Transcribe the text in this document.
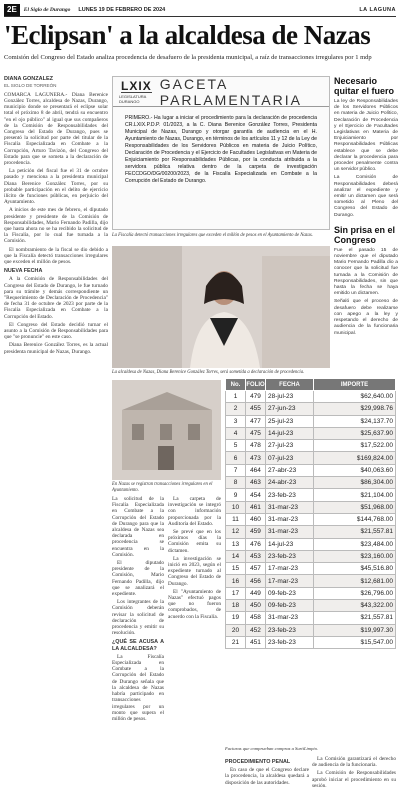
2E	El Siglo de Durango LUNES 19 DE FEBRERO DE 2024	LA LAGUNA
'Eclipsan' a la alcaldesa de Nazas
Comisión del Congreso del Estado analiza procedencia de desafuero de la presidenta municipal, a raíz de transacciones irregulares por 1 mdp
DIANA GONZÁLEZ
EL SIGLO DE TORREÓN

COMARCA LAGUNERA.- Diana Berenice González Torres, alcaldesa de Nazas, Durango, municipio donde se presentará el eclipse solar total el próximo 8 de abril, tendrá su encuentro "en el ojo público" al igual que sus compañeros de la Comisión de Responsabilidades del Congreso del Estado de Durango, pues se presentó la solicitud por parte del titular de la Fiscalía Especializada en Combate a la Corrupción, Arturo Tavizón, del Congreso del Estado para que se someta a la declaración de procedencia.

La petición del fiscal fue el 31 de octubre pasado y menciona a la presidenta municipal Diana Berenice González Torres, por su probable participación en el delito de ejercicio ilícito de funciones públicas, en perjuicio del Ayuntamiento.

A inicios de este mes de febrero, el diputado presidente y presidente de la Comisión de Responsabilidades, Mario Fernando Padilla, dijo que hasta ahora no se ha recibido la solicitud de la Fiscalía, por lo cual fue turnada a la Comisión.

El nombramiento de la fiscal se dio debido a que la Fiscalía detectó transacciones irregulares que exceden el millón de pesos.

NUEVA FECHA

A la Comisión de Responsabilidades del Congreso del Estado de Durango, le fue turnado para su trámite y demás correspondiente un "Requerimiento de Declaración de Procedencia" de fecha 31 de octubre de 2023 por parte de la Fiscalía Especializada en Combate a la Corrupción del Estado.

El Congreso del Estado decidió turnar el asunto a la Comisión de Responsabilidades para que "se pronuncie" en este caso.

Diana Berenice González Torres, es la actual presidenta municipal de Nazas, Durango.

LXIX
LEGISLATURA DURANGO
GACETA PARLAMENTARIA
PRIMERO.- Ha lugar a iniciar el procedimiento para la declaración de procedencia CR.LXIX.P.D.P. 01/2023, a la C. Diana Berenice González Torres, Presidenta Municipal de Nazas, Durango y otorgar garantía de audiencia en el H. Ayuntamiento de Nazas, Durango, en términos de los artículos 11 y 12 de la Ley de Responsabilidades de los Servidores Públicos en materia de Juicio Político, Declaración de Procedencia y el Ejercicio de Facultades Legislativas en Materia de Enjuiciamiento por Responsabilidades Públicas, por la conducta atribuida a la servidora pública relativa dentro de la carpeta de investigación FECCDGO/DG/00200/2023, de la Fiscalía Especializada en Combate a la Corrupción del Estado de Durango.
La Fiscalía detectó transacciones irregulares que exceden el millón de pesos en el Ayuntamiento de Nazas.
La alcaldesa de Nazas, Diana Berenice González Torres, será sometida a declaración de procedencia.
Necesario quitar el fuero

La ley de Responsabilidades de los Servidores Públicos en materia de Juicio Político, Declaración de Procedencia y el Ejercicio de Facultades Legislativas en Materia de Enjuiciamiento por Responsabilidades Públicas establece que se debe declarar la procedencia para proceder penalmente contra un servidor público.

La Comisión de Responsabilidades deberá analizar el expediente y emitir un dictamen que será sometido al Pleno del Congreso del Estado de Durango.

Sin prisa en el Congreso

Fue el pasado 15 de noviembre que el diputado Mario Fernando Padilla dio a conocer que la solicitud fue turnada a la Comisión de Responsabilidades, sin que hasta la fecha se haya emitido un dictamen.

Señaló que el proceso de desafuero debe realizarse con apego a la ley y respetando el derecho de audiencia de la funcionaria municipal.

En Nazas se registran transacciones irregulares en el Ayuntamiento.

La solicitud de la Fiscalía Especializada en Combate a la Corrupción del Estado de Durango para que la alcaldesa de Nazas sea declarada en procedencia se encuentra en la Comisión.

El diputado presidente de la Comisión, Mario Fernando Padilla, dijo que se analizará el expediente.

Los integrantes de la Comisión deberán revisar la solicitud de declaración de procedencia y emitir su resolución.

¿QUÉ SE ACUSA A LA ALCALDESA?

La Fiscalía Especializada en Combate a la Corrupción del Estado de Durango señala que la alcaldesa de Nazas habría participado en transacciones irregulares por un monto que supera el millón de pesos.

La carpeta de investigación se integró con información proporcionada por la Auditoría del Estado.

Se prevé que en los próximos días la Comisión emita su dictamen.

La investigación se inició en 2023, según el expediente turnado al Congreso del Estado de Durango.

El "Ayuntamiento de Nazas" efectuó pagos que no fueron comprobados, de acuerdo con la Fiscalía.

No.	FOLIO	FECHA	IMPORTE
1	479	28-jul-23	$62,640.00
2	455	27-jun-23	$29,998.76
3	477	25-jul-23	$24,137.70
4	475	14-jul-23	$25,637.90
5	478	27-jul-23	$17,522.00
6	473	07-jul-23	$169,824.00
7	464	27-abr-23	$40,063.60
8	463	24-abr-23	$86,304.00
9	454	23-feb-23	$21,104.00
10	461	31-mar-23	$51,968.00
11	460	31-mar-23	$144,768.00
12	459	31-mar-23	$21,557.81
13	476	14-jul-23	$23,484.00
14	453	23-feb-23	$23,160.00
15	457	17-mar-23	$45,516.80
16	456	17-mar-23	$12,681.00
17	449	09-feb-23	$26,796.00
18	450	09-feb-23	$43,322.00
19	458	31-mar-23	$21,557.81
20	452	23-feb-23	$19,997.30
21	451	23-feb-23	$15,547.00
Facturas que comprueban compras a SurtiLimpio.

PROCEDIMIENTO PENAL

En caso de que el Congreso declare la procedencia, la alcaldesa quedará a disposición de las autoridades.

La Comisión garantizará el derecho de audiencia de la funcionaria.

La Comisión de Responsabilidades aprobó iniciar el procedimiento en su sesión.
